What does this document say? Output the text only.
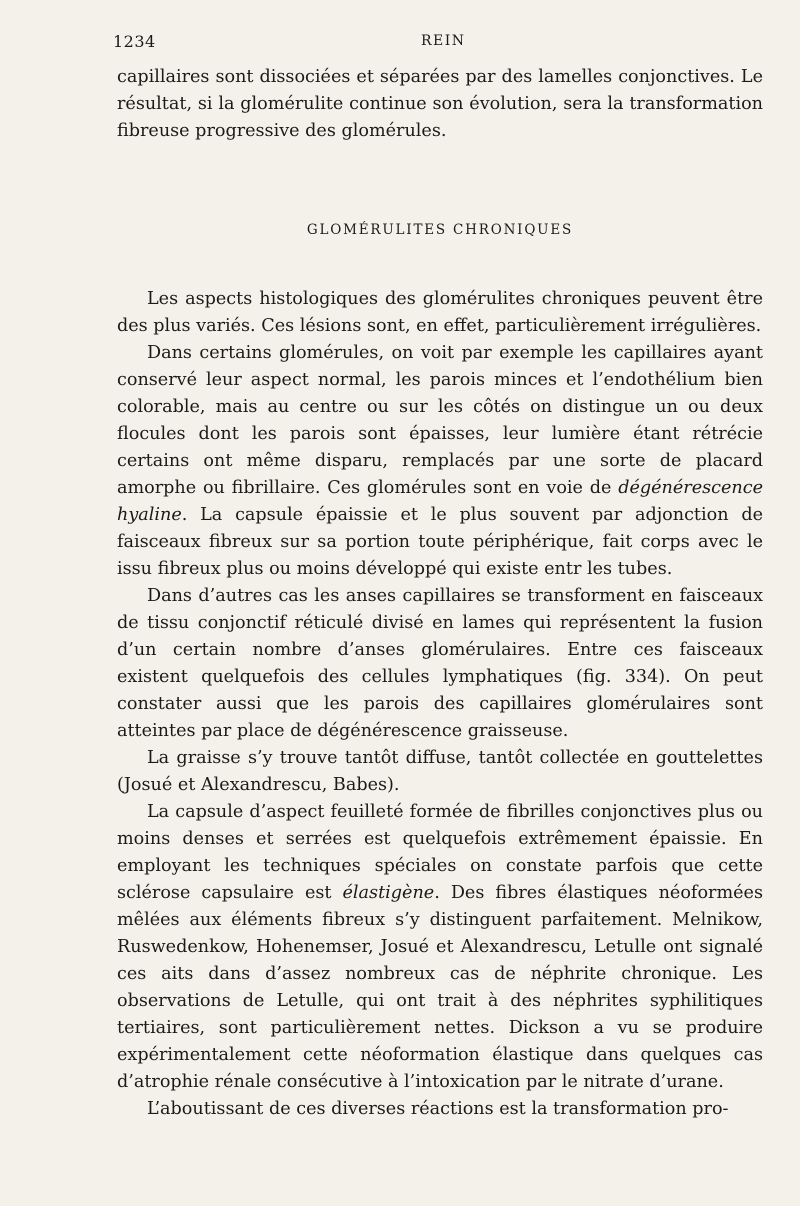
1234	REIN

capillaires sont dissociées et séparées par des lamelles conjonctives. Le résultat, si la glomérulite continue son évolution, sera la transformation fibreuse progressive des glomérules.

GLOMÉRULITES CHRONIQUES

Les aspects histologiques des glomérulites chroniques peuvent être des plus variés. Ces lésions sont, en effet, particulièrement irrégulières.

Dans certains glomérules, on voit par exemple les capillaires ayant conservé leur aspect normal, les parois minces et l’endothélium bien colorable, mais au centre ou sur les côtés on distingue un ou deux flocules dont les parois sont épaisses, leur lumière étant rétrécie certains ont même disparu, remplacés par une sorte de placard amorphe ou fibrillaire. Ces glomérules sont en voie de dégénérescence hyaline. La capsule épaissie et le plus souvent par adjonction de faisceaux fibreux sur sa portion toute périphérique, fait corps avec le issu fibreux plus ou moins développé qui existe entr les tubes.

Dans d’autres cas les anses capillaires se transforment en faisceaux de tissu conjonctif réticulé divisé en lames qui représentent la fusion d’un certain nombre d’anses glomérulaires. Entre ces faisceaux existent quelquefois des cellules lymphatiques (fig. 334). On peut constater aussi que les parois des capillaires glomérulaires sont atteintes par place de dégénérescence graisseuse.

La graisse s’y trouve tantôt diffuse, tantôt collectée en gouttelettes (Josué et Alexandrescu, Babes).

La capsule d’aspect feuilleté formée de fibrilles conjonctives plus ou moins denses et serrées est quelquefois extrêmement épaissie. En employant les techniques spéciales on constate parfois que cette sclérose capsulaire est élastigène. Des fibres élastiques néoformées mêlées aux éléments fibreux s’y distinguent parfaitement. Melnikow, Ruswedenkow, Hohenemser, Josué et Alexandrescu, Letulle ont signalé ces aits dans d’assez nombreux cas de néphrite chronique. Les observations de Letulle, qui ont trait à des néphrites syphilitiques tertiaires, sont particulièrement nettes. Dickson a vu se produire expérimentalement cette néoformation élastique dans quelques cas d’atrophie rénale consécutive à l’intoxication par le nitrate d’urane.

L’aboutissant de ces diverses réactions est la transformation pro-
